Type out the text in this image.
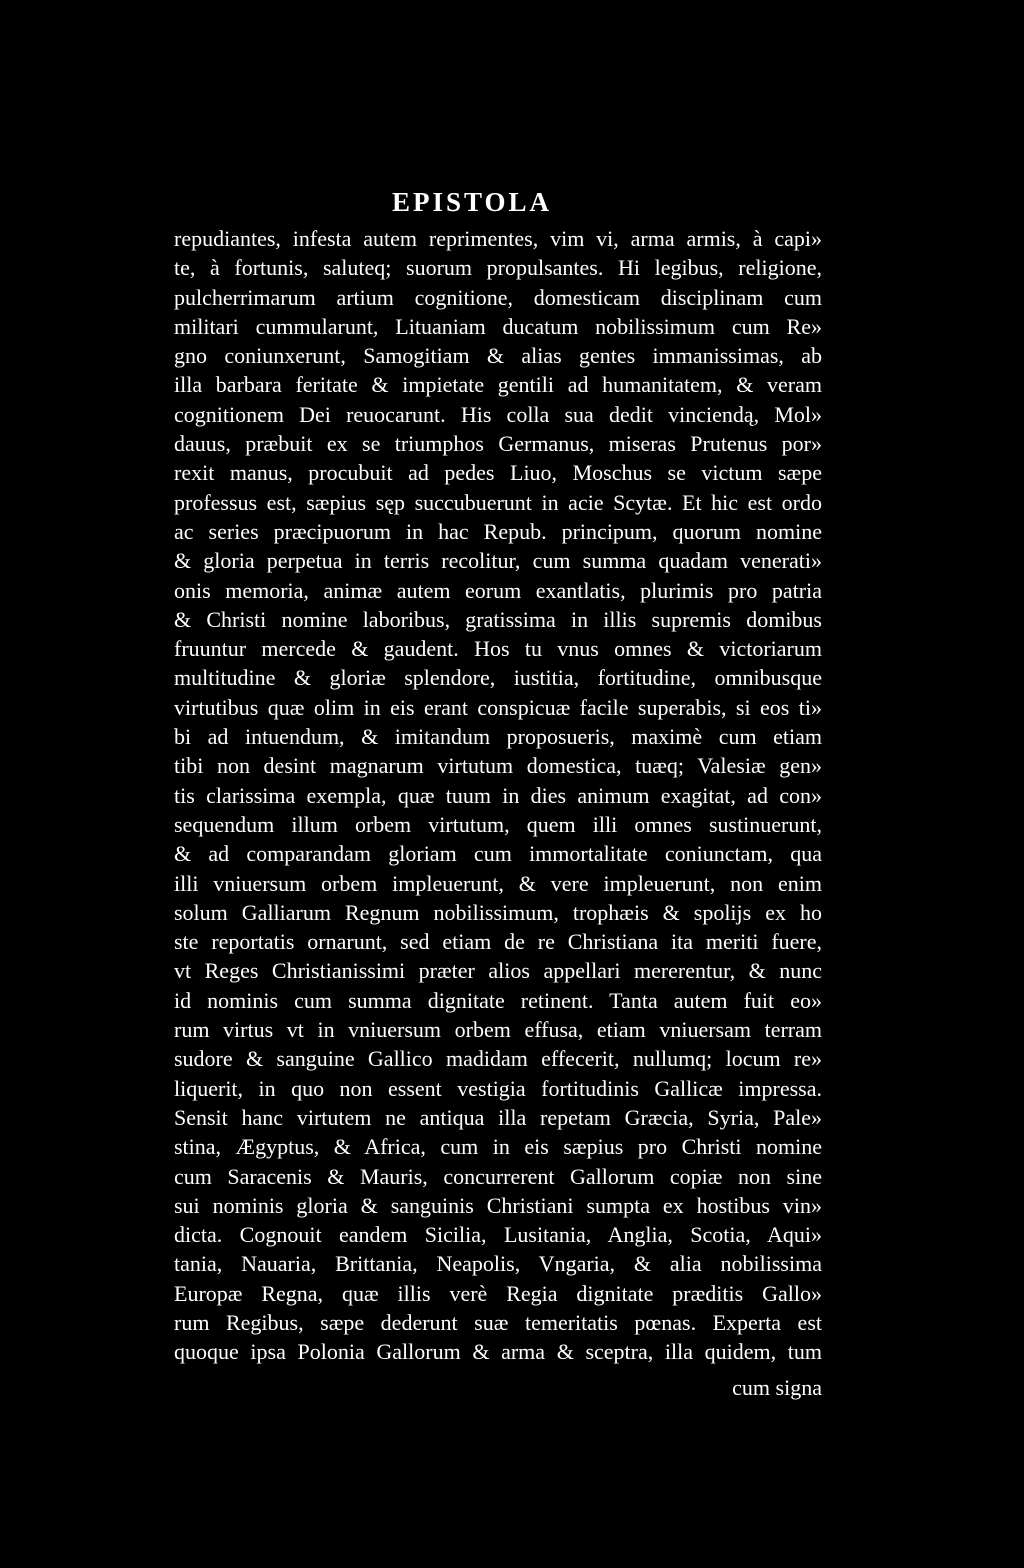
EPISTOLA
repudiantes, infesta autem reprimentes, vim vi, arma armis, à capi»
te, à fortunis, saluteq; suorum propulsantes. Hi legibus, religione,
pulcherrimarum artium cognitione, domesticam disciplinam cum
militari cummularunt, Lituaniam ducatum nobilissimum cum Re»
gno coniunxerunt, Samogitiam & alias gentes immanissimas, ab
illa barbara feritate & impietate gentili ad humanitatem, & veram
cognitionem Dei reuocarunt. His colla sua dedit vinciendą, Mol»
dauus, præbuit ex se triumphos Germanus, miseras Prutenus por»
rexit manus, procubuit ad pedes Liuo, Moschus se victum sæpe
professus est, sæpius sęp succubuerunt in acie Scytæ. Et hic est ordo
ac series præcipuorum in hac Repub. principum, quorum nomine
& gloria perpetua in terris recolitur, cum summa quadam venerati»
onis memoria, animæ autem eorum exantlatis, plurimis pro patria
& Christi nomine laboribus, gratissima in illis supremis domibus
fruuntur mercede & gaudent. Hos tu vnus omnes & victoriarum
multitudine & gloriæ splendore, iustitia, fortitudine, omnibusque
virtutibus quæ olim in eis erant conspicuæ facile superabis, si eos ti»
bi ad intuendum, & imitandum proposueris, maximè cum etiam
tibi non desint magnarum virtutum domestica, tuæq; Valesiæ gen»
tis clarissima exempla, quæ tuum in dies animum exagitat, ad con»
sequendum illum orbem virtutum, quem illi omnes sustinuerunt,
& ad comparandam gloriam cum immortalitate coniunctam, qua
illi vniuersum orbem impleuerunt, & vere impleuerunt, non enim
solum Galliarum Regnum nobilissimum, trophæis & spolijs ex ho
ste reportatis ornarunt, sed etiam de re Christiana ita meriti fuere,
vt Reges Christianissimi præter alios appellari mererentur, & nunc
id nominis cum summa dignitate retinent. Tanta autem fuit eo»
rum virtus vt in vniuersum orbem effusa, etiam vniuersam terram
sudore & sanguine Gallico madidam effecerit, nullumq; locum re»
liquerit, in quo non essent vestigia fortitudinis Gallicæ impressa.
Sensit hanc virtutem ne antiqua illa repetam Græcia, Syria, Pale»
stina, Ægyptus, & Africa, cum in eis sæpius pro Christi nomine
cum Saracenis & Mauris, concurrerent Gallorum copiæ non sine
sui nominis gloria & sanguinis Christiani sumpta ex hostibus vin»
dicta. Cognouit eandem Sicilia, Lusitania, Anglia, Scotia, Aqui»
tania, Nauaria, Brittania, Neapolis, Vngaria, & alia nobilissima
Europæ Regna, quæ illis verè Regia dignitate præditis Gallo»
rum Regibus, sæpe dederunt suæ temeritatis pœnas. Experta est
quoque ipsa Polonia Gallorum & arma & sceptra, illa quidem, tum
cum signa
